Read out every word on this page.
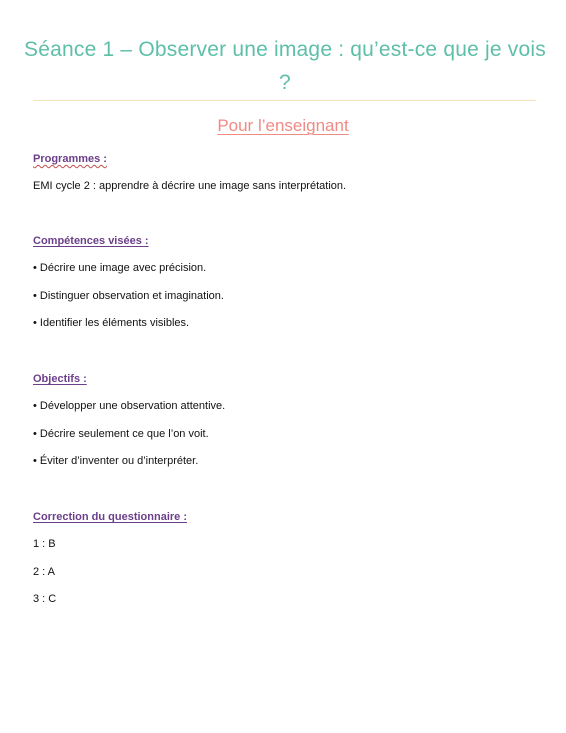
Séance 1 – Observer une image : qu’est-ce que je vois ?
Pour l’enseignant
Programmes :
EMI cycle 2 : apprendre à décrire une image sans interprétation.
Compétences visées :
• Décrire une image avec précision.
• Distinguer observation et imagination.
• Identifier les éléments visibles.
Objectifs :
• Développer une observation attentive.
• Décrire seulement ce que l’on voit.
• Éviter d’inventer ou d’interpréter.
Correction du questionnaire :
1 : B
2 : A
3 : C
